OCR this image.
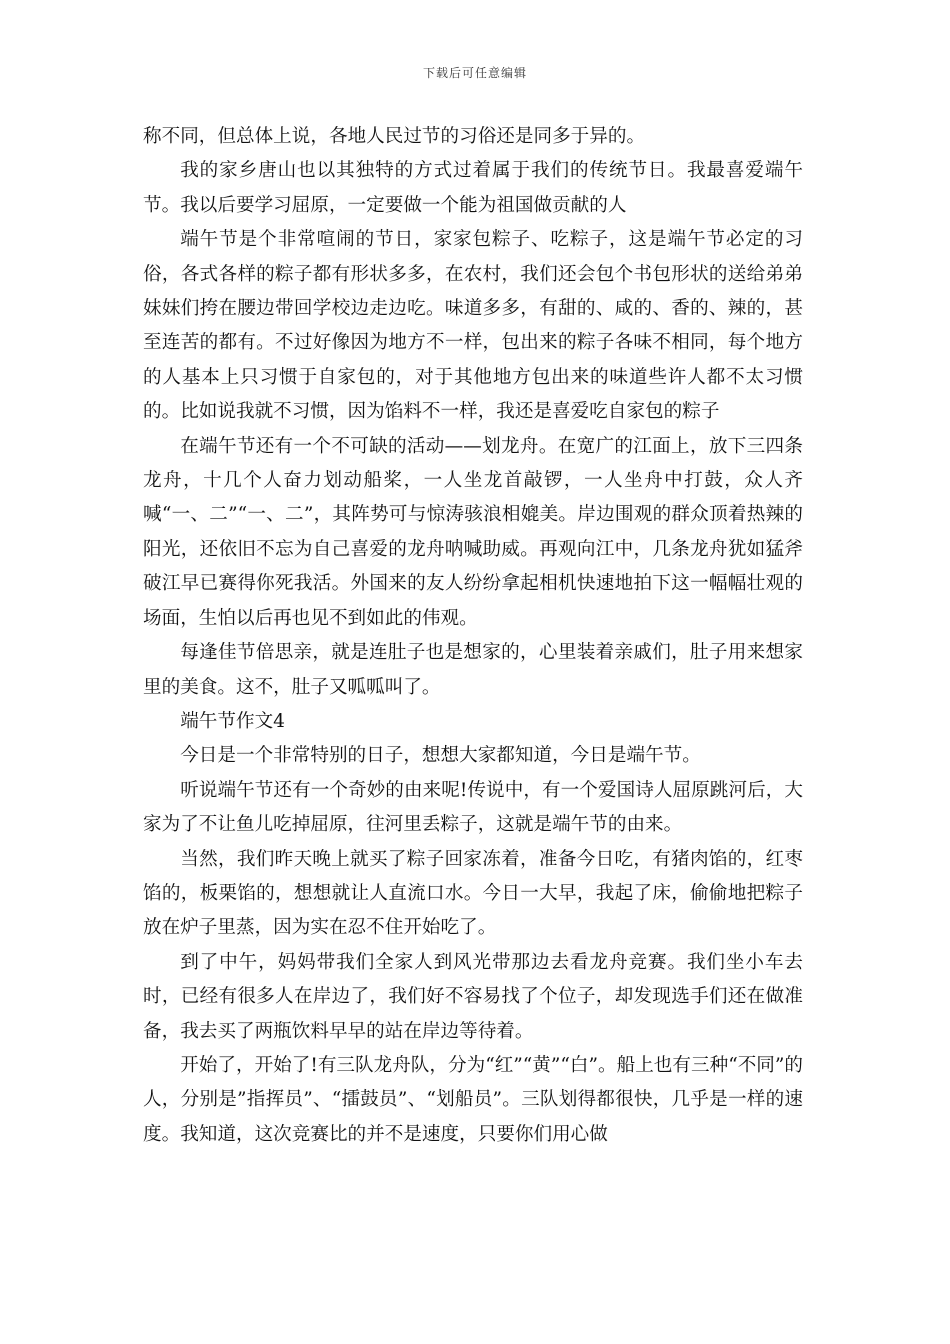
下载后可任意编辑

称不同，但总体上说，各地人民过节的习俗还是同多于异的。

我的家乡唐山也以其独特的方式过着属于我们的传统节日。我最喜爱端午节。我以后要学习屈原，一定要做一个能为祖国做贡献的人

端午节是个非常喧闹的节日，家家包粽子、吃粽子，这是端午节必定的习俗，各式各样的粽子都有形状多多，在农村，我们还会包个书包形状的送给弟弟妹妹们挎在腰边带回学校边走边吃。味道多多，有甜的、咸的、香的、辣的，甚至连苦的都有。不过好像因为地方不一样，包出来的粽子各味不相同，每个地方的人基本上只习惯于自家包的，对于其他地方包出来的味道些许人都不太习惯的。比如说我就不习惯，因为馅料不一样，我还是喜爱吃自家包的粽子

在端午节还有一个不可缺的活动——划龙舟。在宽广的江面上，放下三四条龙舟，十几个人奋力划动船桨，一人坐龙首敲锣，一人坐舟中打鼓，众人齐喊“一、二”“一、二”，其阵势可与惊涛骇浪相媲美。岸边围观的群众顶着热辣的阳光，还依旧不忘为自己喜爱的龙舟呐喊助威。再观向江中，几条龙舟犹如猛斧破江早已赛得你死我活。外国来的友人纷纷拿起相机快速地拍下这一幅幅壮观的场面，生怕以后再也见不到如此的伟观。

每逢佳节倍思亲，就是连肚子也是想家的，心里装着亲戚们，肚子用来想家里的美食。这不，肚子又呱呱叫了。

端午节作文4

今日是一个非常特别的日子，想想大家都知道，今日是端午节。

听说端午节还有一个奇妙的由来呢!传说中，有一个爱国诗人屈原跳河后，大家为了不让鱼儿吃掉屈原，往河里丢粽子，这就是端午节的由来。

当然，我们昨天晚上就买了粽子回家冻着，准备今日吃，有猪肉馅的，红枣馅的，板栗馅的，想想就让人直流口水。今日一大早，我起了床，偷偷地把粽子放在炉子里蒸，因为实在忍不住开始吃了。

到了中午，妈妈带我们全家人到风光带那边去看龙舟竞赛。我们坐小车去时，已经有很多人在岸边了，我们好不容易找了个位子，却发现选手们还在做准备，我去买了两瓶饮料早早的站在岸边等待着。

开始了，开始了!有三队龙舟队，分为“红”“黄”“白”。船上也有三种“不同”的人，分别是”指挥员”、“擂鼓员”、“划船员”。三队划得都很快，几乎是一样的速度。我知道，这次竞赛比的并不是速度，只要你们用心做
